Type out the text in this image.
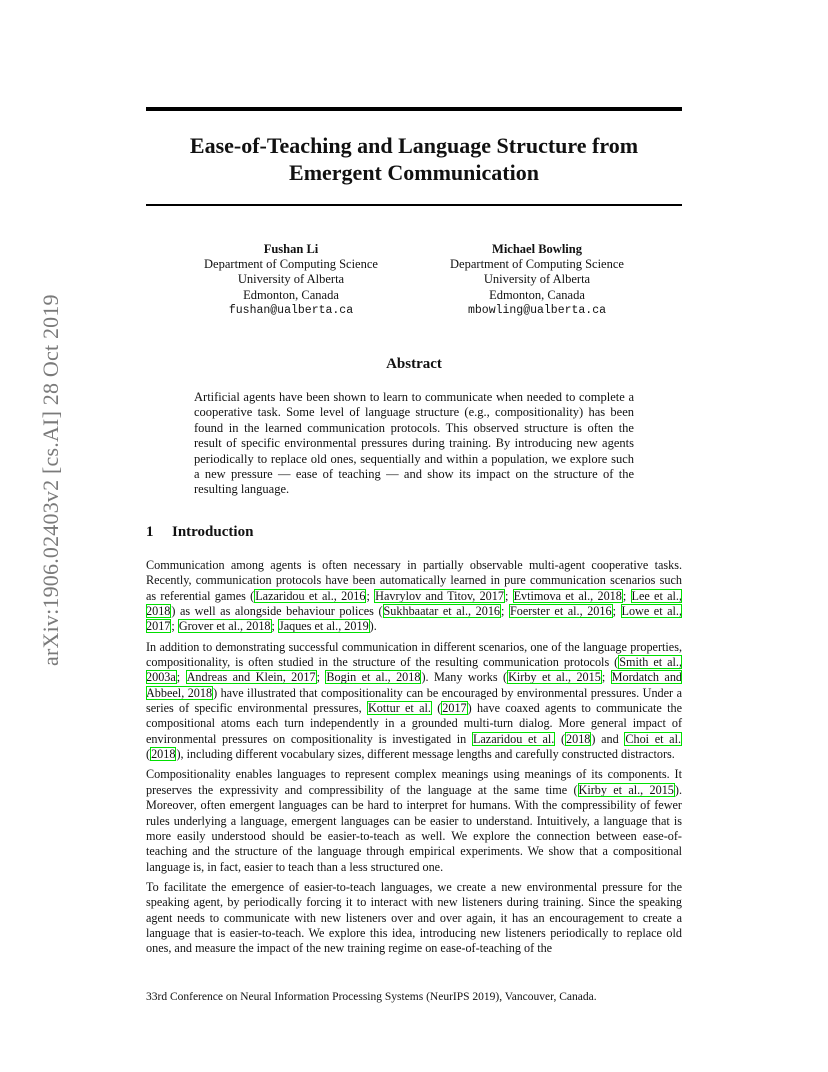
arXiv:1906.02403v2 [cs.AI] 28 Oct 2019
Ease-of-Teaching and Language Structure from
Emergent Communication
Fushan Li
Department of Computing Science
University of Alberta
Edmonton, Canada
fushan@ualberta.ca
Michael Bowling
Department of Computing Science
University of Alberta
Edmonton, Canada
mbowling@ualberta.ca
Abstract
Artificial agents have been shown to learn to communicate when needed to complete a cooperative task. Some level of language structure (e.g., compositionality) has been found in the learned communication protocols. This observed structure is often the result of specific environmental pressures during training. By introducing new agents periodically to replace old ones, sequentially and within a population, we explore such a new pressure — ease of teaching — and show its impact on the structure of the resulting language.
1 Introduction

Communication among agents is often necessary in partially observable multi-agent cooperative tasks. Recently, communication protocols have been automatically learned in pure communication scenarios such as referential games (Lazaridou et al., 2016; Havrylov and Titov, 2017; Evtimova et al., 2018; Lee et al., 2018) as well as alongside behaviour polices (Sukhbaatar et al., 2016; Foerster et al., 2016; Lowe et al., 2017; Grover et al., 2018; Jaques et al., 2019).

In addition to demonstrating successful communication in different scenarios, one of the language properties, compositionality, is often studied in the structure of the resulting communication protocols (Smith et al., 2003a; Andreas and Klein, 2017; Bogin et al., 2018). Many works (Kirby et al., 2015; Mordatch and Abbeel, 2018) have illustrated that compositionality can be encouraged by environmental pressures. Under a series of specific environmental pressures, Kottur et al. (2017) have coaxed agents to communicate the compositional atoms each turn independently in a grounded multi-turn dialog. More general impact of environmental pressures on compositionality is investigated in Lazaridou et al. (2018) and Choi et al. (2018), including different vocabulary sizes, different message lengths and carefully constructed distractors.

Compositionality enables languages to represent complex meanings using meanings of its components. It preserves the expressivity and compressibility of the language at the same time (Kirby et al., 2015). Moreover, often emergent languages can be hard to interpret for humans. With the compressibility of fewer rules underlying a language, emergent languages can be easier to understand. Intuitively, a language that is more easily understood should be easier-to-teach as well. We explore the connection between ease-of-teaching and the structure of the language through empirical experiments. We show that a compositional language is, in fact, easier to teach than a less structured one.

To facilitate the emergence of easier-to-teach languages, we create a new environmental pressure for the speaking agent, by periodically forcing it to interact with new listeners during training. Since the speaking agent needs to communicate with new listeners over and over again, it has an encouragement to create a language that is easier-to-teach. We explore this idea, introducing new listeners periodically to replace old ones, and measure the impact of the new training regime on ease-of-teaching of the

33rd Conference on Neural Information Processing Systems (NeurIPS 2019), Vancouver, Canada.
